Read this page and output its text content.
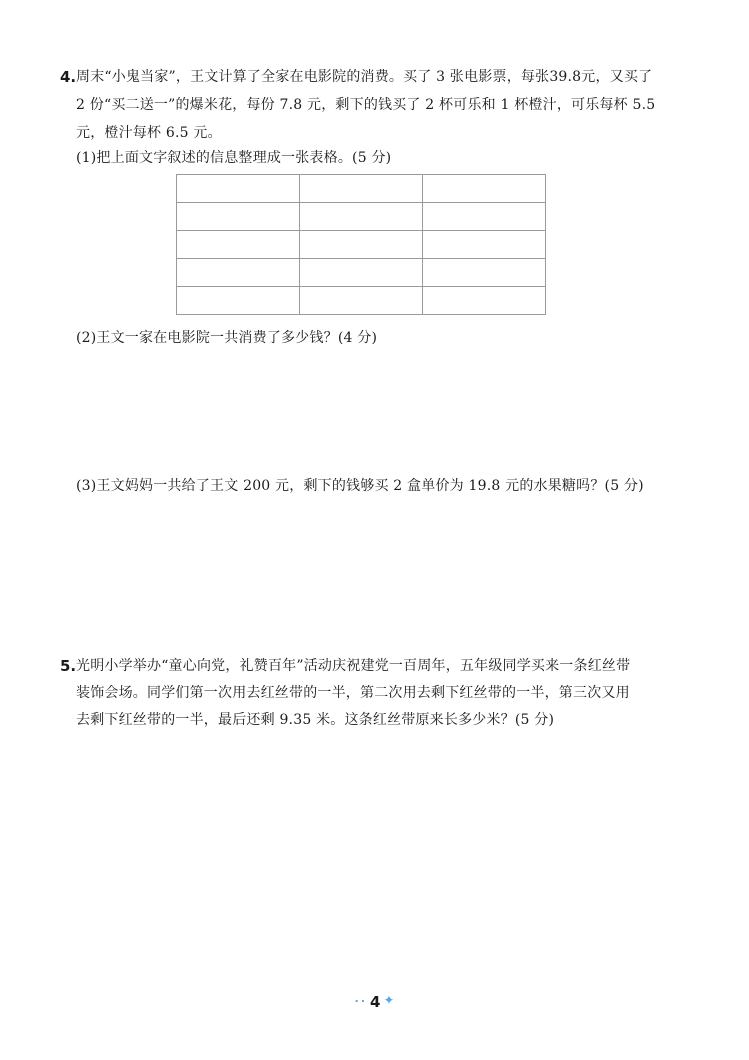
4. 周末“小鬼当家”，王文计算了全家在电影院的消费。买了 3 张电影票，每张39.8元，又买了
2 份“买二送一”的爆米花，每份 7.8 元，剩下的钱买了 2 杯可乐和 1 杯橙汁，可乐每杯 5.5
元，橙汁每杯 6.5 元。
(1)把上面文字叙述的信息整理成一张表格。(5 分)

(2)王文一家在电影院一共消费了多少钱？(4 分)
(3)王文妈妈一共给了王文 200 元，剩下的钱够买 2 盒单价为 19.8 元的水果糖吗？(5 分)
5. 光明小学举办“童心向党，礼赞百年”活动庆祝建党一百周年，五年级同学买来一条红丝带
装饰会场。同学们第一次用去红丝带的一半，第二次用去剩下红丝带的一半，第三次又用
去剩下红丝带的一半，最后还剩 9.35 米。这条红丝带原来长多少米？(5 分)
·· 4 ✦
